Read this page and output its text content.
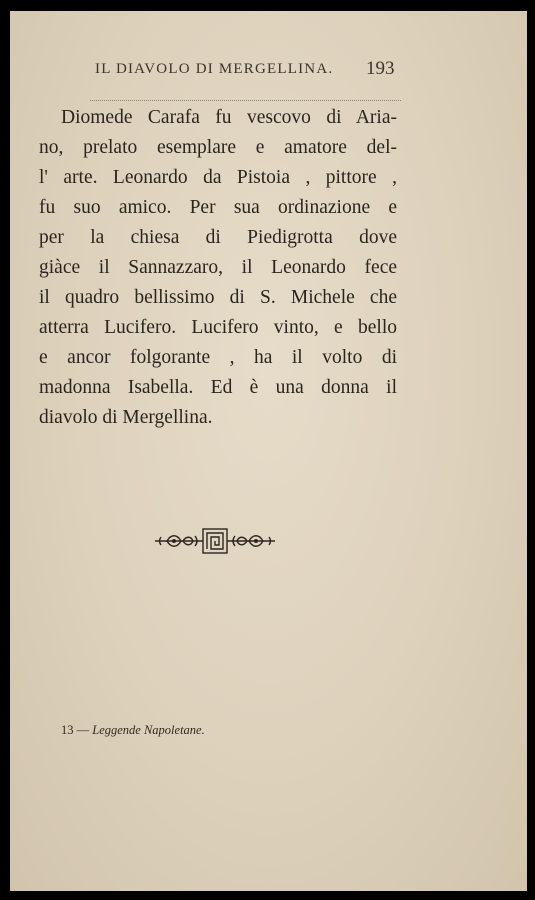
IL DIAVOLO DI MERGELLINA. 193
Diomede Carafa fu vescovo di Aria-
no, prelato esemplare e amatore del-
l' arte. Leonardo da Pistoia , pittore ,
fu suo amico. Per sua ordinazione e
per la chiesa di Piedigrotta dove
giàce il Sannazzaro, il Leonardo fece
il quadro bellissimo di S. Michele che
atterra Lucifero. Lucifero vinto, e bello
e ancor folgorante , ha il volto di
madonna Isabella. Ed è una donna il
diavolo di Mergellina.
13 — Leggende Napoletane.
